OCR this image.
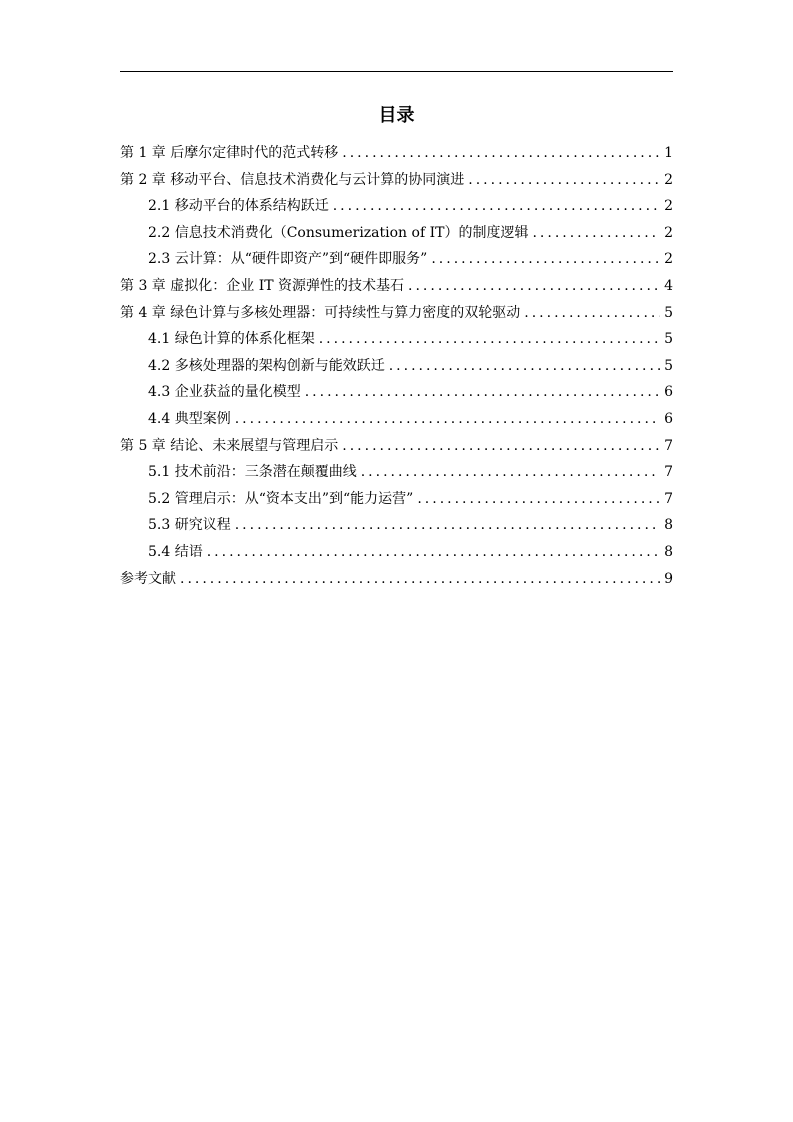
目录
第 1 章 后摩尔定律时代的范式转移 .....	1
第 2 章 移动平台、信息技术消费化与云计算的协同演进 .....	2
2.1 移动平台的体系结构跃迁 .....	2
2.2 信息技术消费化（Consumerization of IT）的制度逻辑 .....	2
2.3 云计算：从“硬件即资产”到“硬件即服务” .....	2
第 3 章 虚拟化：企业 IT 资源弹性的技术基石 .....	4
第 4 章 绿色计算与多核处理器：可持续性与算力密度的双轮驱动 .....	5
4.1 绿色计算的体系化框架 .....	5
4.2 多核处理器的架构创新与能效跃迁 .....	5
4.3 企业获益的量化模型 .....	6
4.4 典型案例 .....	6
第 5 章 结论、未来展望与管理启示 .....	7
5.1 技术前沿：三条潜在颠覆曲线 .....	7
5.2 管理启示：从“资本支出”到“能力运营” .....	7
5.3 研究议程 .....	8
5.4 结语 .....	8
参考文献 .....	9
